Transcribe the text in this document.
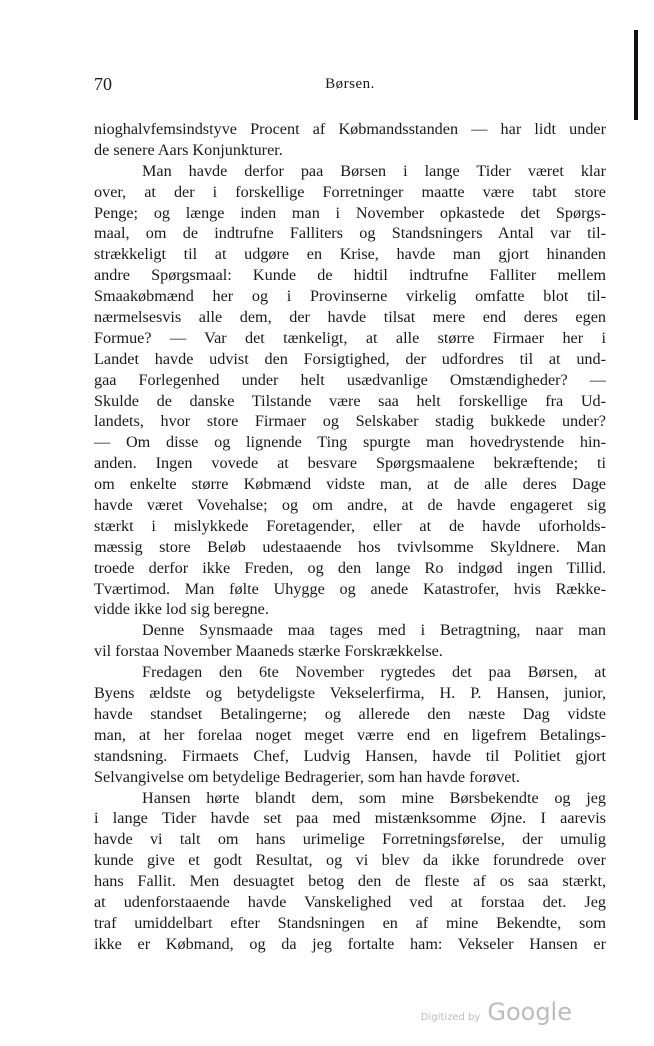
70	Børsen.
nioghalvfemsindstyve Procent af Købmandsstanden — har lidt under
de senere Aars Konjunkturer.
Man havde derfor paa Børsen i lange Tider været klar
over, at der i forskellige Forretninger maatte være tabt store
Penge; og længe inden man i November opkastede det Spørgs-
maal, om de indtrufne Falliters og Standsningers Antal var til-
strækkeligt til at udgøre en Krise, havde man gjort hinanden
andre Spørgsmaal: Kunde de hidtil indtrufne Falliter mellem
Smaakøbmænd her og i Provinserne virkelig omfatte blot til-
nærmelsesvis alle dem, der havde tilsat mere end deres egen
Formue? — Var det tænkeligt, at alle større Firmaer her i
Landet havde udvist den Forsigtighed, der udfordres til at und-
gaa Forlegenhed under helt usædvanlige Omstændigheder? —
Skulde de danske Tilstande være saa helt forskellige fra Ud-
landets, hvor store Firmaer og Selskaber stadig bukkede under?
— Om disse og lignende Ting spurgte man hovedrystende hin-
anden. Ingen vovede at besvare Spørgsmaalene bekræftende; ti
om enkelte større Købmænd vidste man, at de alle deres Dage
havde været Vovehalse; og om andre, at de havde engageret sig
stærkt i mislykkede Foretagender, eller at de havde uforholds-
mæssig store Beløb udestaaende hos tvivlsomme Skyldnere. Man
troede derfor ikke Freden, og den lange Ro indgød ingen Tillid.
Tværtimod. Man følte Uhygge og anede Katastrofer, hvis Række-
vidde ikke lod sig beregne.
Denne Synsmaade maa tages med i Betragtning, naar man
vil forstaa November Maaneds stærke Forskrækkelse.
Fredagen den 6te November rygtedes det paa Børsen, at
Byens ældste og betydeligste Vekselerfirma, H. P. Hansen, junior,
havde standset Betalingerne; og allerede den næste Dag vidste
man, at her forelaa noget meget værre end en ligefrem Betalings-
standsning. Firmaets Chef, Ludvig Hansen, havde til Politiet gjort
Selvangivelse om betydelige Bedragerier, som han havde forøvet.
Hansen hørte blandt dem, som mine Børsbekendte og jeg
i lange Tider havde set paa med mistænksomme Øjne. I aarevis
havde vi talt om hans urimelige Forretningsførelse, der umulig
kunde give et godt Resultat, og vi blev da ikke forundrede over
hans Fallit. Men desuagtet betog den de fleste af os saa stærkt,
at udenforstaaende havde Vanskelighed ved at forstaa det. Jeg
traf umiddelbart efter Standsningen en af mine Bekendte, som
ikke er Købmand, og da jeg fortalte ham: Vekseler Hansen er
Digitized by Google
